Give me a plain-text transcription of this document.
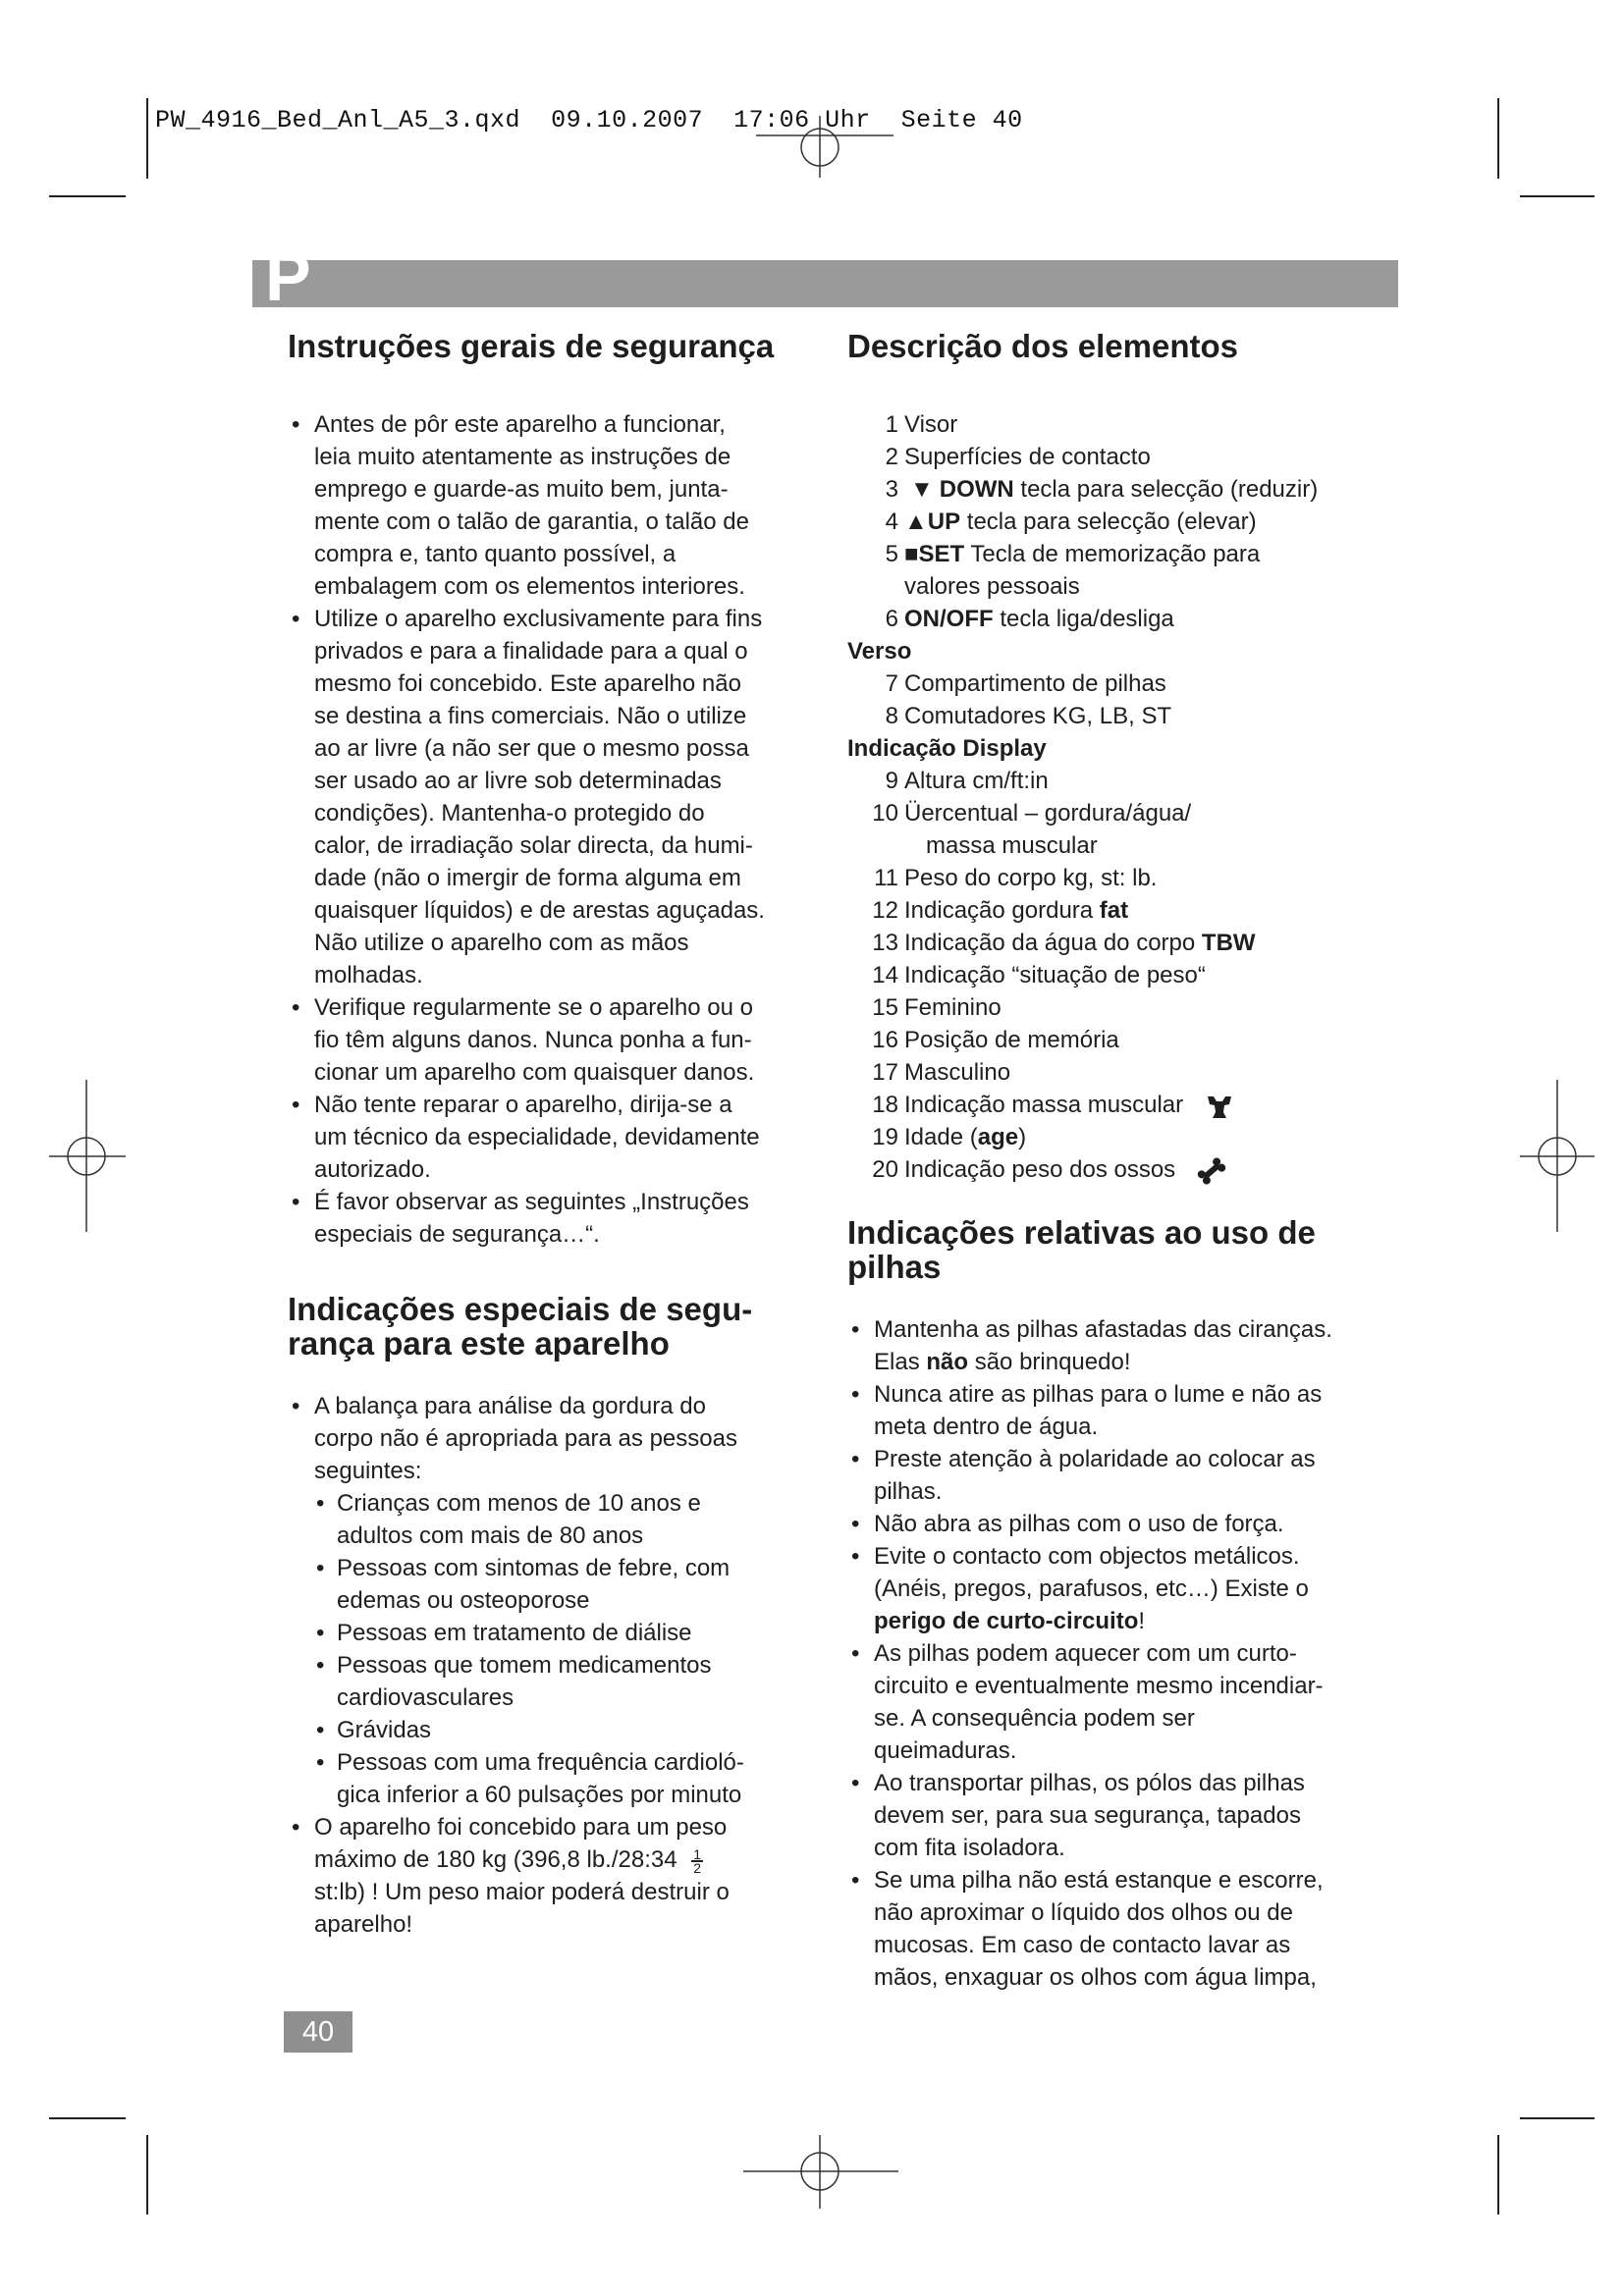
PW_4916_Bed_Anl_A5_3.qxd  09.10.2007  17:06 Uhr  Seite 40
P
Instruções gerais de segurança
• Antes de pôr este aparelho a funcionar,
leia muito atentamente as instruções de
emprego e guarde-as muito bem, junta-
mente com o talão de garantia, o talão de
compra e, tanto quanto possível, a
embalagem com os elementos interiores.
• Utilize o aparelho exclusivamente para fins
privados e para a finalidade para a qual o
mesmo foi concebido. Este aparelho não
se destina a fins comerciais. Não o utilize
ao ar livre (a não ser que o mesmo possa
ser usado ao ar livre sob determinadas
condições). Mantenha-o protegido do
calor, de irradiação solar directa, da humi-
dade (não o imergir de forma alguma em
quaisquer líquidos) e de arestas aguçadas.
Não utilize o aparelho com as mãos
molhadas.
• Verifique regularmente se o aparelho ou o
fio têm alguns danos. Nunca ponha a fun-
cionar um aparelho com quaisquer danos.
• Não tente reparar o aparelho, dirija-se a
um técnico da especialidade, devidamente
autorizado.
• É favor observar as seguintes „Instruções
especiais de segurança…“.
Indicações especiais de segu-
rança para este aparelho
• A balança para análise da gordura do
corpo não é apropriada para as pessoas
seguintes:
• Crianças com menos de 10 anos e
adultos com mais de 80 anos
• Pessoas com sintomas de febre, com
edemas ou osteoporose
• Pessoas em tratamento de diálise
• Pessoas que tomem medicamentos
cardiovasculares
• Grávidas
• Pessoas com uma frequência cardioló-
gica inferior a 60 pulsações por minuto
• O aparelho foi concebido para um peso
máximo de 180 kg (396,8 lb./28:34 $\frac{1}{2}$
st:lb) ! Um peso maior poderá destruir o
aparelho!
Descrição dos elementos
1 Visor
2 Superfícies de contacto
3 ▼ DOWN tecla para selecção (reduzir)
4 ▲UP tecla para selecção (elevar)
5 ■SET Tecla de memorização para
valores pessoais
6 ON/OFF tecla liga/desliga
Verso
7 Compartimento de pilhas
8 Comutadores KG, LB, ST
Indicação Display
9 Altura cm/ft:in
10 Üercentual – gordura/água/
massa muscular
11 Peso do corpo kg, st: lb.
12 Indicação gordura fat
13 Indicação da água do corpo TBW
14 Indicação “situação de peso“
15 Feminino
16 Posição de memória
17 Masculino
18 Indicação massa muscular
19 Idade (age)
20 Indicação peso dos ossos
Indicações relativas ao uso de
pilhas
• Mantenha as pilhas afastadas das ciranças.
Elas não são brinquedo!
• Nunca atire as pilhas para o lume e não as
meta dentro de água.
• Preste atenção à polaridade ao colocar as
pilhas.
• Não abra as pilhas com o uso de força.
• Evite o contacto com objectos metálicos.
(Anéis, pregos, parafusos, etc…) Existe o
perigo de curto-circuito!
• As pilhas podem aquecer com um curto-
circuito e eventualmente mesmo incendiar-
se. A consequência podem ser
queimaduras.
• Ao transportar pilhas, os pólos das pilhas
devem ser, para sua segurança, tapados
com fita isoladora.
• Se uma pilha não está estanque e escorre,
não aproximar o líquido dos olhos ou de
mucosas. Em caso de contacto lavar as
mãos, enxaguar os olhos com água limpa,
40
